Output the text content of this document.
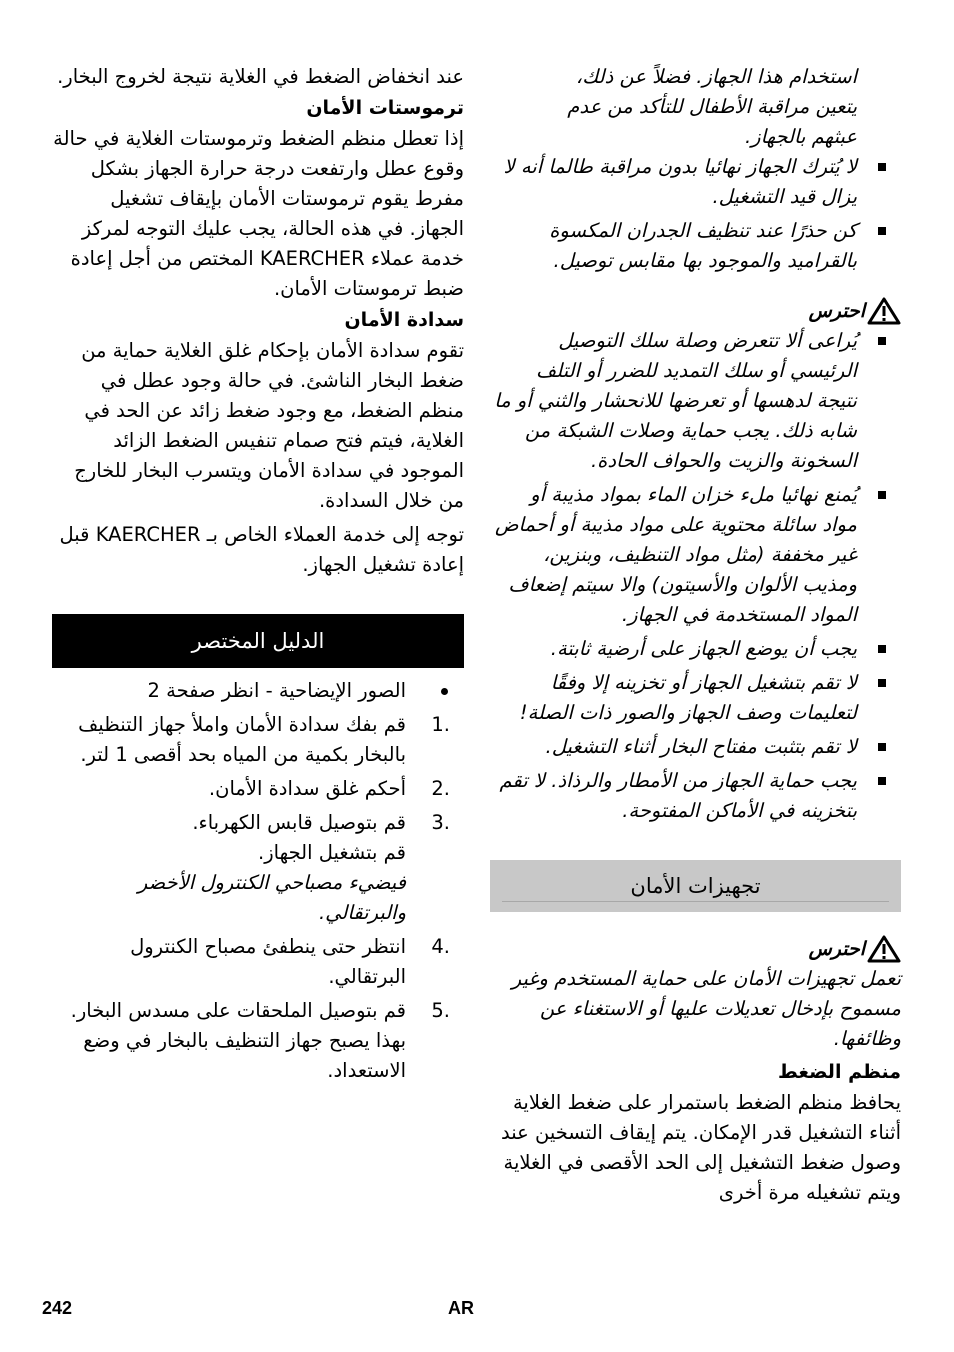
استخدام هذا الجهاز. فضلاً عن ذلك،

يتعين مراقبة الأطفال للتأكد من عدم

عبثهم بالجهاز.

لا يُترك الجهاز نهائيا بدون مراقبة طالما أنه لا يزال قيد التشغيل.
كن حذرًا عند تنظيف الجدران المكسوة بالقراميد والموجود بها مقابس توصيل.
احترس
يُراعى ألا تتعرض وصلة سلك التوصيل الرئيسي أو سلك التمديد للضرر أو التلف نتيجة لدهسها أو تعرضها للانحشار والثني أو ما شابه ذلك. يجب حماية وصلات الشبكة من السخونة والزيت والحواف الحادة.
يُمنع نهائيا ملء خزان الماء بمواد مذيبة أو مواد سائلة محتوية على مواد مذيبة أو أحماض غير مخففة (مثل مواد التنظيف، وبنزين، ومذيب الألوان والأسيتون) والا سيتم إضعاف المواد المستخدمة في الجهاز.
يجب أن يوضع الجهاز على أرضية ثابتة.
لا تقم بتشغيل الجهاز أو تخزينه إلا وفقًا لتعليمات وصف الجهاز والصور ذات الصلة!
لا تقم بتثبت مفتاح البخار أثناء التشغيل.
يجب حماية الجهاز من الأمطار والرذاذ. لا تقم بتخزينه في الأماكن المفتوحة.
تجهيزات الأمان
احترس

تعمل تجهيزات الأمان على حماية المستخدم وغير مسموح بإدخال تعديلات عليها أو الاستغناء عن وظائفها.

منظم الضغط

يحافظ منظم الضغط باستمرار على ضغط الغلاية أثناء التشغيل قدر الإمكان. يتم إيقاف التسخين عند وصول ضغط التشغيل إلى الحد الأقصى في الغلاية ويتم تشغيله مرة أخرى

عند انخفاض الضغط في الغلاية نتيجة لخروج البخار.

ترموستات الأمان

إذا تعطل منظم الضغط وترموستات الغلاية في حالة وقوع عطل وارتفعت درجة حرارة الجهاز بشكل مفرط يقوم ترموستات الأمان بإيقاف تشغيل الجهاز. في هذه الحالة، يجب عليك التوجه لمركز خدمة عملاء KAERCHER المختص من أجل إعادة ضبط ترموستات الأمان.

سدادة الأمان

تقوم سدادة الأمان بإحكام غلق الغلاية حماية من ضغط البخار الناشئ. في حالة وجود عطل في منظم الضغط، مع وجود ضغط زائد عن الحد في الغلاية، فيتم فتح صمام تنفيس الضغط الزائد الموجود في سدادة الأمان ويتسرب البخار للخارج من خلال السدادة.

توجه إلى خدمة العملاء الخاص بـ KAERCHER قبل إعادة تشغيل الجهاز.

الدليل المختصر

الصور الإيضاحية - انظر صفحة 2

1.

قم بفك سدادة الأمان واملأ جهاز التنظيف بالبخار بكمية من المياه بحد أقصى 1 لتر.

2.

أحكم غلق سدادة الأمان.

3.

قم بتوصيل قابس الكهرباء.

قم بتشغيل الجهاز.

فيضيء مصباحي الكنترول الأخضر والبرتقالي.

4.

انتظر حتى ينطفئ مصباح الكنترول البرتقالي.

5.

قم بتوصيل الملحقات على مسدس البخار.

بهذا يصبح جهاز التنظيف بالبخار في وضع الاستعداد.

242	AR
